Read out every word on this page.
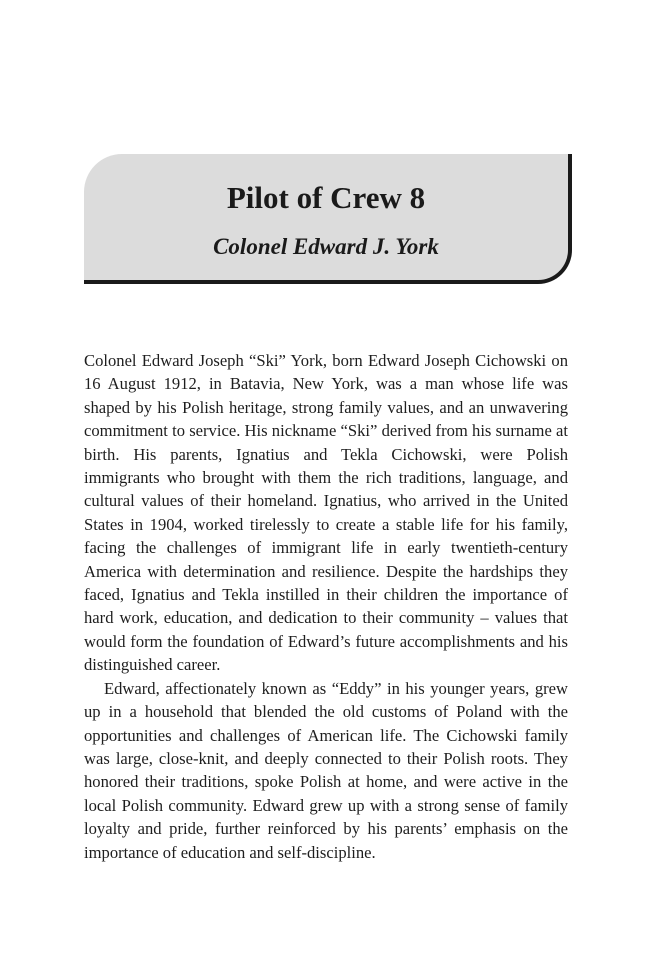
Pilot of Crew 8
Colonel Edward J. York

Colonel Edward Joseph “Ski” York, born Edward Joseph Cichowski on 16 August 1912, in Batavia, New York, was a man whose life was shaped by his Polish heritage, strong family values, and an unwavering commitment to service. His nickname “Ski” derived from his surname at birth. His parents, Ignatius and Tekla Cichowski, were Polish immigrants who brought with them the rich traditions, language, and cultural values of their homeland. Ignatius, who arrived in the United States in 1904, worked tirelessly to create a stable life for his family, facing the challenges of immigrant life in early twentieth-century America with determination and resilience. Despite the hardships they faced, Ignatius and Tekla instilled in their children the importance of hard work, education, and dedication to their community – values that would form the foundation of Edward’s future accomplishments and his distinguished career.

Edward, affectionately known as “Eddy” in his younger years, grew up in a household that blended the old customs of Poland with the opportunities and challenges of American life. The Cichowski family was large, close-knit, and deeply connected to their Polish roots. They honored their traditions, spoke Polish at home, and were active in the local Polish community. Edward grew up with a strong sense of family loyalty and pride, further reinforced by his parents’ emphasis on the importance of education and self-discipline.
